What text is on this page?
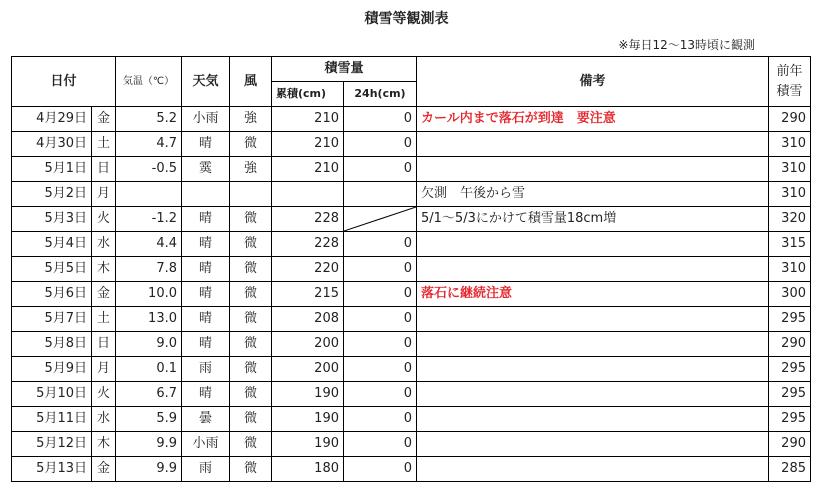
積雪等観測表
※毎日12～13時頃に観測
日付		気温（℃）	天気	風	積雪量		備考	前年
積雪
					累積(cm)	24h(cm)		
4月29日	金	5.2	小雨	強	210	0	カール内まで落石が到達　要注意	290
4月30日	土	4.7	晴	微	210	0		310
5月1日	日	-0.5	霙	強	210	0		310
5月2日	月						欠測　午後から雪	310
5月3日	火	-1.2	晴	微	228		5/1～5/3にかけて積雪量18cm増	320
5月4日	水	4.4	晴	微	228	0		315
5月5日	木	7.8	晴	微	220	0		310
5月6日	金	10.0	晴	微	215	0	落石に継続注意	300
5月7日	土	13.0	晴	微	208	0		295
5月8日	日	9.0	晴	微	200	0		290
5月9日	月	0.1	雨	微	200	0		295
5月10日	火	6.7	晴	微	190	0		295
5月11日	水	5.9	曇	微	190	0		295
5月12日	木	9.9	小雨	微	190	0		290
5月13日	金	9.9	雨	微	180	0		285
